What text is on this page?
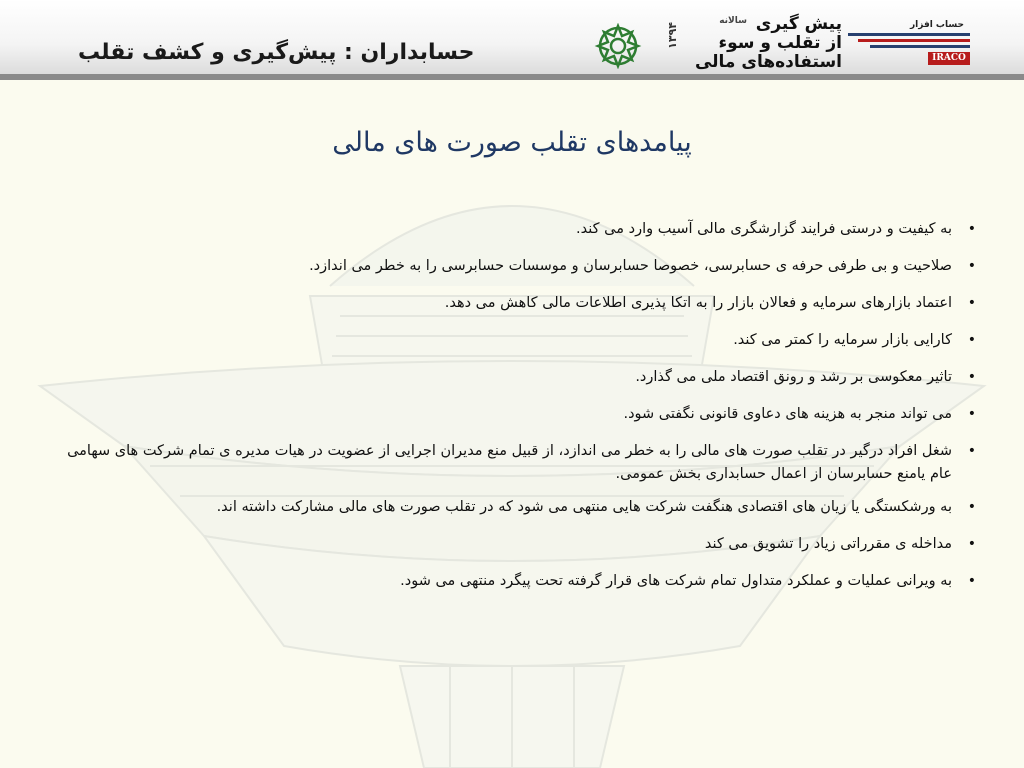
حسابداران : پیش‌گیری و کشف تقلب
سالانه پیش گیری
از تقلب و سوء
استفاده‌های مالی
۱۳۹۴	حساب افزار
IRACO
پیامدهای تقلب صورت های مالی
•
به کیفیت و درستی فرایند گزارشگری مالی آسیب وارد می کند.
•
صلاحیت و بی طرفی حرفه ی حسابرسی، خصوصا حسابرسان و موسسات حسابرسی را به خطر می اندازد.
•
اعتماد بازارهای سرمایه و فعالان بازار را به اتکا پذیری اطلاعات مالی کاهش می دهد.
•
کارایی بازار سرمایه را کمتر می کند.
•
تاثیر معکوسی بر رشد و رونق اقتصاد ملی می گذارد.
•
می تواند منجر به هزینه های دعاوی قانونی نگفتی شود.
•
شغل افراد درگیر در تقلب صورت های مالی را به خطر می اندازد، از قبیل منع مدیران اجرایی از عضویت در هیات مدیره ی تمام شرکت های سهامی عام یامنع حسابرسان از اعمال حسابداری بخش عمومی.
•
به ورشکستگی یا زیان های اقتصادی هنگفت شرکت هایی منتهی می شود که در تقلب صورت های مالی مشارکت داشته اند.
•
مداخله ی مقرراتی زیاد را تشویق می کند
•
به ویرانی عملیات و عملکرد متداول تمام شرکت های قرار گرفته تحت پیگرد منتهی می شود.
